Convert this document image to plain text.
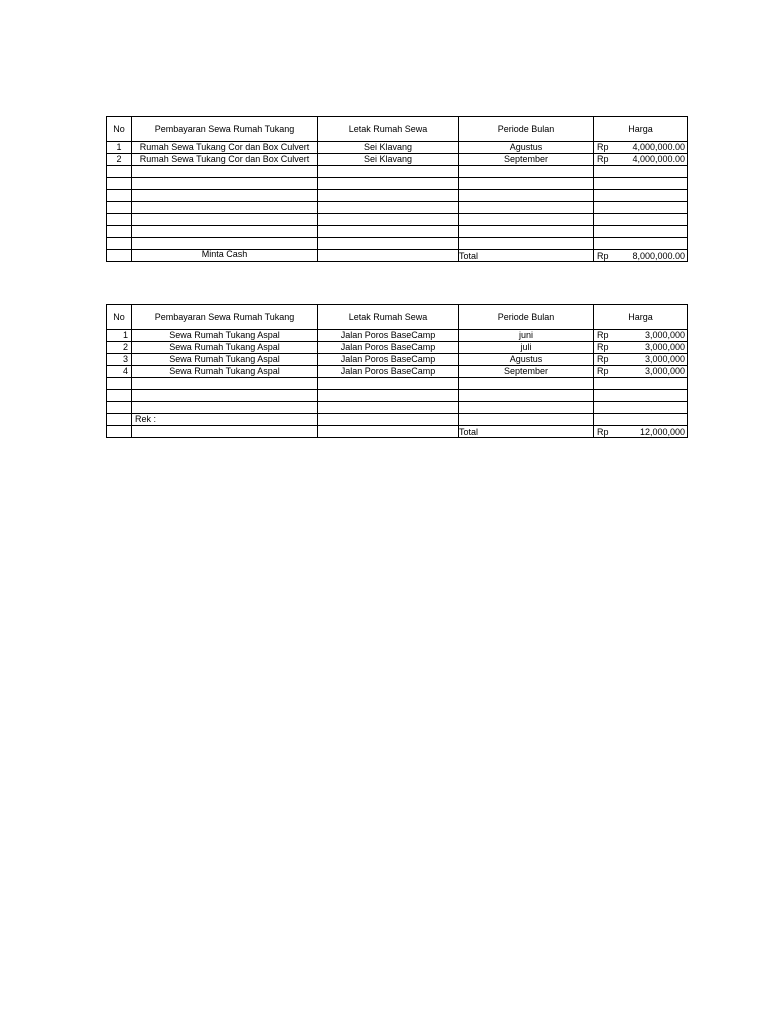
No	Pembayaran Sewa Rumah Tukang	Letak Rumah Sewa	Periode Bulan	Harga
1	Rumah Sewa Tukang Cor dan Box Culvert	Sei Klavang	Agustus	Rp 4,000,000.00

2	Rumah Sewa Tukang Cor dan Box Culvert	Sei Klavang	September	Rp 4,000,000.00

	Minta Cash		Total	Rp 8,000,000.00
No	Pembayaran Sewa Rumah Tukang	Letak Rumah Sewa	Periode Bulan	Harga
1	Sewa Rumah Tukang Aspal	Jalan Poros BaseCamp	juni	Rp 3,000,000

2	Sewa Rumah Tukang Aspal	Jalan Poros BaseCamp	juli	Rp 3,000,000

3	Sewa Rumah Tukang Aspal	Jalan Poros BaseCamp	Agustus	Rp 3,000,000

4	Sewa Rumah Tukang Aspal	Jalan Poros BaseCamp	September	Rp 3,000,000

	Rek :			
			Total	Rp 12,000,000
